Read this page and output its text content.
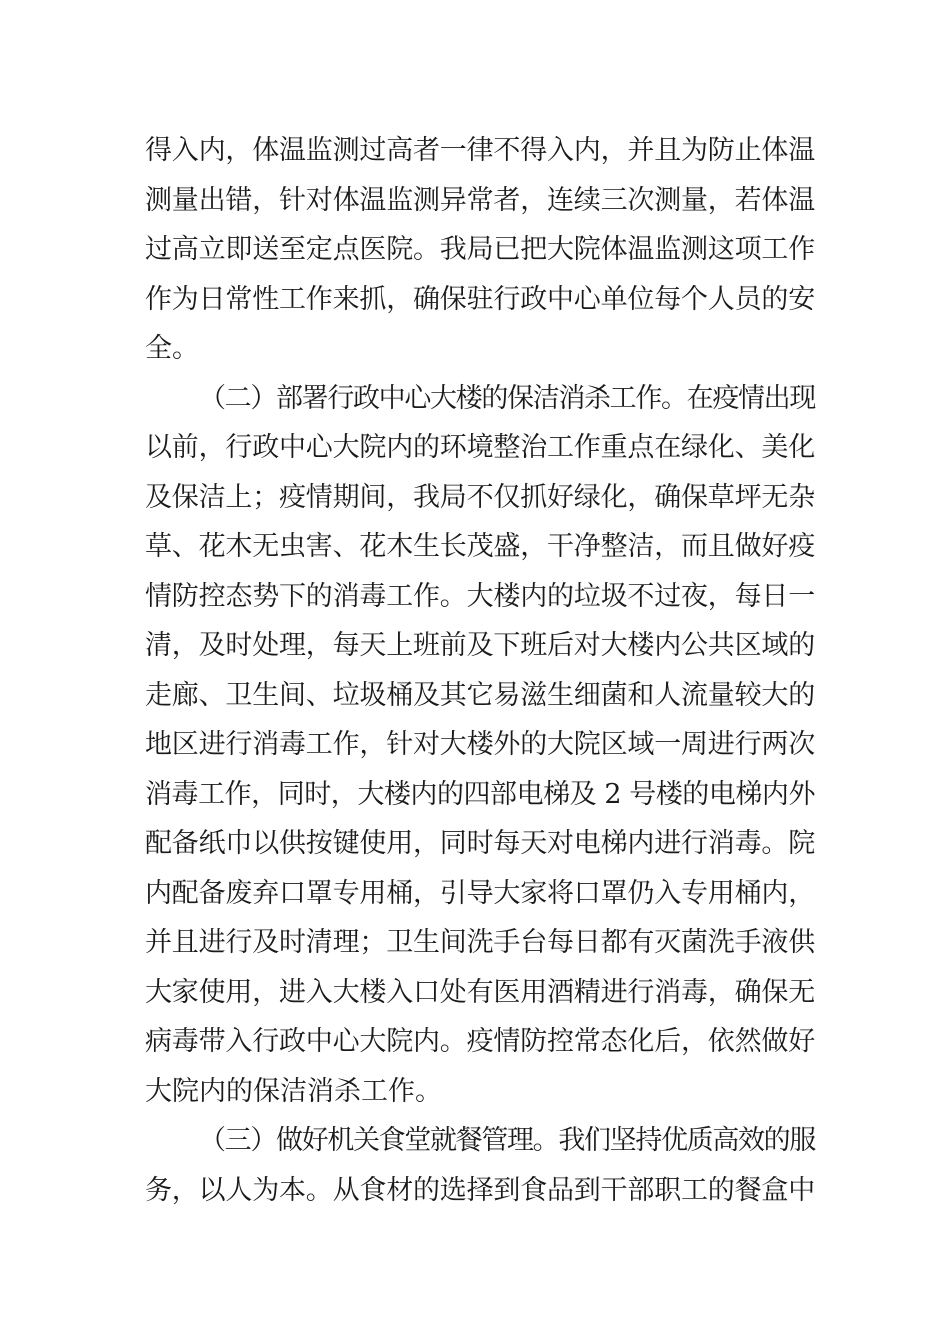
得入内，体温监测过高者一律不得入内，并且为防止体温
测量出错，针对体温监测异常者，连续三次测量，若体温
过高立即送至定点医院。我局已把大院体温监测这项工作
作为日常性工作来抓，确保驻行政中心单位每个人员的安
全。
（二）部署行政中心大楼的保洁消杀工作。在疫情出现
以前，行政中心大院内的环境整治工作重点在绿化、美化
及保洁上；疫情期间，我局不仅抓好绿化，确保草坪无杂
草、花木无虫害、花木生长茂盛，干净整洁，而且做好疫
情防控态势下的消毒工作。大楼内的垃圾不过夜，每日一
清，及时处理，每天上班前及下班后对大楼内公共区域的
走廊、卫生间、垃圾桶及其它易滋生细菌和人流量较大的
地区进行消毒工作，针对大楼外的大院区域一周进行两次
消毒工作，同时，大楼内的四部电梯及 2 号楼的电梯内外
配备纸巾以供按键使用，同时每天对电梯内进行消毒。院
内配备废弃口罩专用桶，引导大家将口罩仍入专用桶内，
并且进行及时清理；卫生间洗手台每日都有灭菌洗手液供
大家使用，进入大楼入口处有医用酒精进行消毒，确保无
病毒带入行政中心大院内。疫情防控常态化后，依然做好
大院内的保洁消杀工作。
（三）做好机关食堂就餐管理。我们坚持优质高效的服
务，以人为本。从食材的选择到食品到干部职工的餐盒中
